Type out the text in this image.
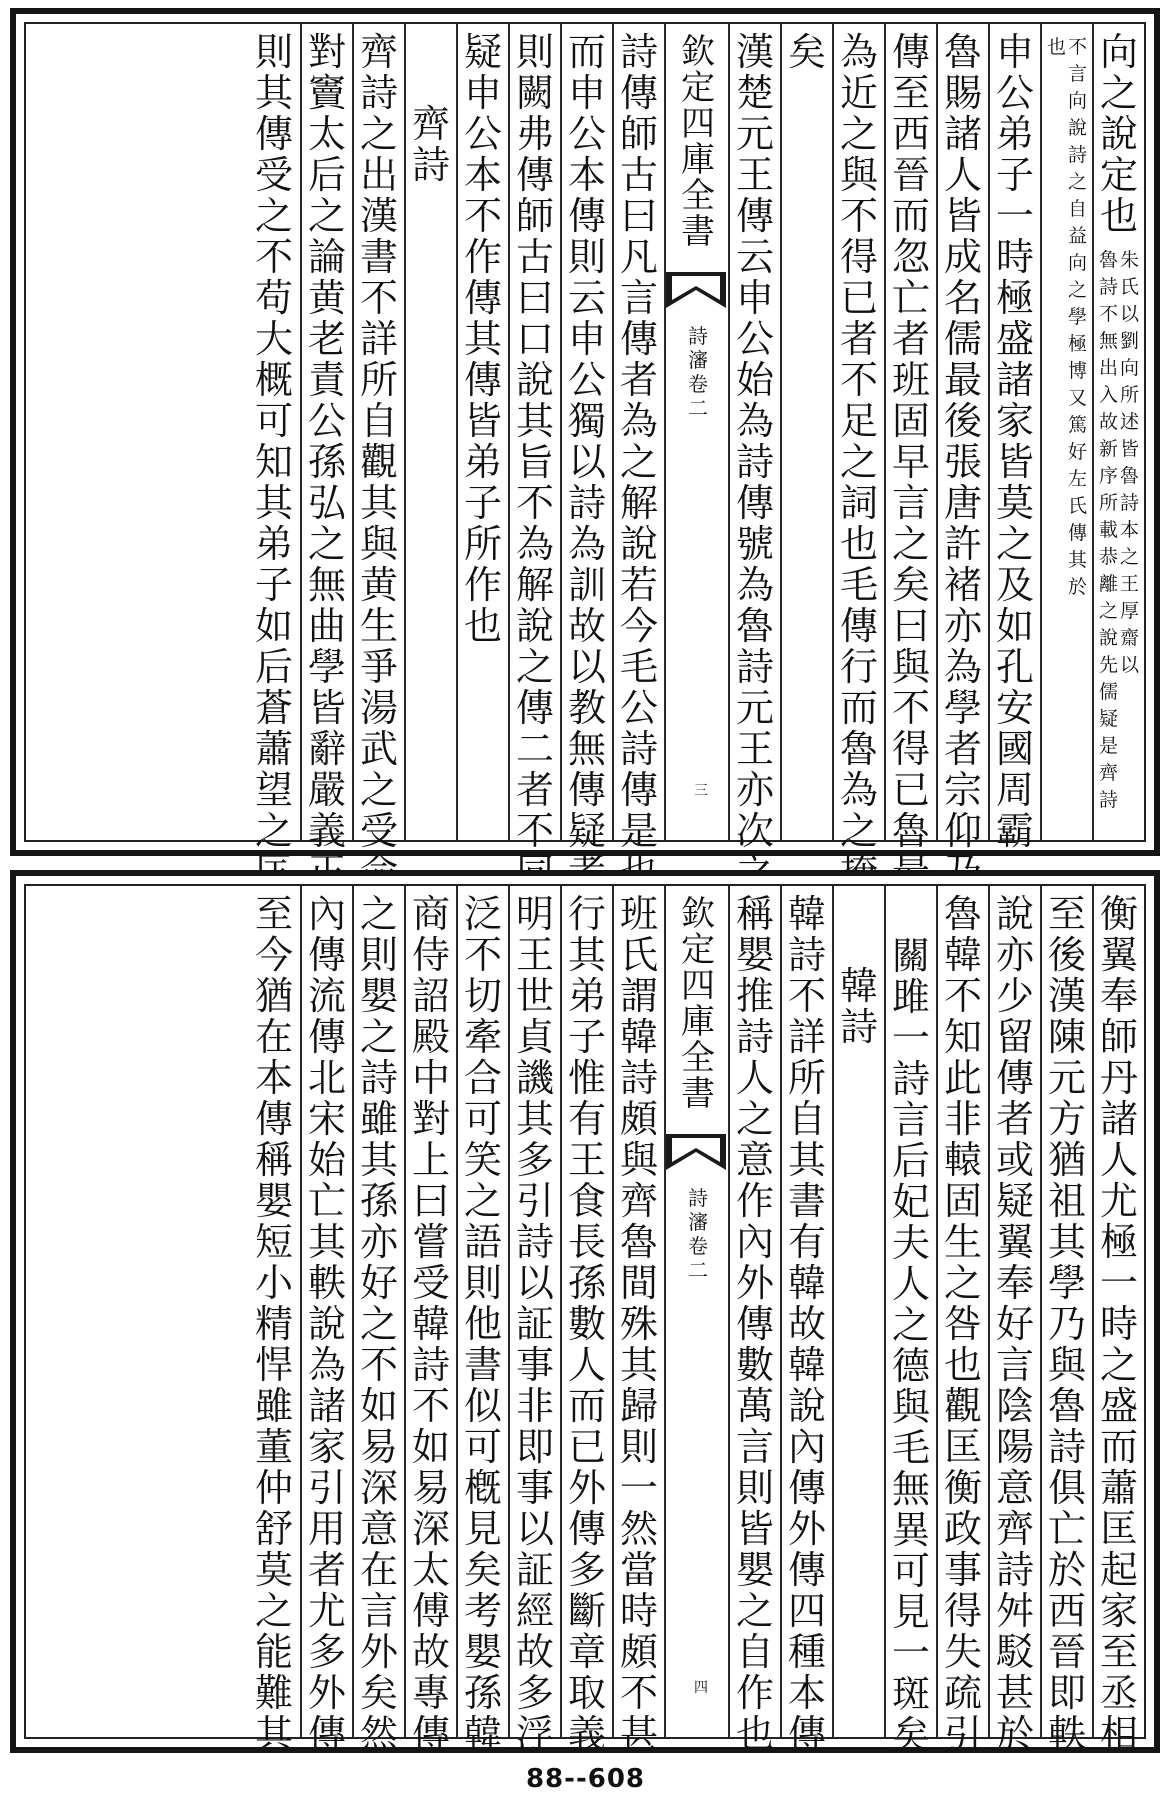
向
之
說
定
也
朱
氏
以
劉
向
所
述
皆
魯
詩
本
之
王
厚
齋
以
魯
詩
不
無
出
入
故
新
序
所
載
恭
離
之
說
先
儒
疑
是
齊
詩
不
言
向
說
詩
之
自
益
向
之
學
極
博
又
篤
好
左
氏
傳
其
於
也
申
公
弟
子
一
時
極
盛
諸
家
皆
莫
之
及
如
孔
安
國
周
霸
魯
賜
諸
人
皆
成
名
儒
最
後
張
唐
許
褚
亦
為
學
者
宗
仰
傳
至
西
晉
而
忽
亡
者
班
固
早
言
之
矣
曰
與
不
得
已
魯
為
近
之
與
不
得
已
者
不
足
之
詞
也
毛
傳
行
而
魯
為
之
矣
漢
楚
元
王
傳
云
申
公
始
為
詩
傳
號
為
魯
詩
元
王
亦
次
欽
定
四
庫
全
書
詩
瀋
卷
二
三
詩
傳
師
古
曰
凡
言
傳
者
為
之
解
說
若
今
毛
公
詩
傳
是
而
申
公
本
傳
則
云
申
公
獨
以
詩
為
訓
故
以
教
無
傳
疑
則
闕
弗
傳
師
古
曰
口
說
其
旨
不
為
解
說
之
傳
二
者
不
疑
申
公
本
不
作
傳
其
傳
皆
弟
子
所
作
也
齊
詩
齊
詩
之
出
漢
書
不
詳
所
自
觀
其
與
黄
生
爭
湯
武
之
受
對
竇
太
后
之
論
黄
老
責
公
孫
弘
之
無
曲
學
皆
辭
嚴
義
則
其
傳
受
之
不
苟
大
概
可
知
其
弟
子
如
后
蒼
蕭
望
之
衡
翼
奉
師
丹
諸
人
尤
極
一
時
之
盛
而
蕭
匡
起
家
至
丞
相
至
後
漢
陳
元
方
猶
祖
其
學
乃
與
魯
詩
俱
亡
於
西
晉
即
軼
說
亦
少
留
傳
者
或
疑
翼
奉
好
言
陰
陽
意
齊
詩
舛
駁
甚
於
魯
韓
不
知
此
非
轅
固
生
之
咎
也
觀
匡
衡
政
事
得
失
疏
引
關
雎
一
詩
言
后
妃
夫
人
之
德
與
毛
無
異
可
見
一
斑
矣
韓
詩
韓
詩
不
詳
所
自
其
書
有
韓
故
韓
說
內
傳
外
傳
四
種
本
傳
稱
嬰
推
詩
人
之
意
作
內
外
傳
數
萬
言
則
皆
嬰
之
自
作
也
欽
定
四
庫
全
書
詩
瀋
卷
二
四
班
氏
謂
韓
詩
頗
與
齊
魯
間
殊
其
歸
則
一
然
當
時
頗
不
甚
行
其
弟
子
惟
有
王
食
長
孫
數
人
而
已
外
傳
多
斷
章
取
義
明
王
世
貞
譏
其
多
引
詩
以
証
事
非
即
事
以
証
經
故
多
浮
泛
不
切
牽
合
可
笑
之
語
則
他
書
似
可
槪
見
矣
考
嬰
孫
韓
商
侍
詔
殿
中
對
上
曰
嘗
受
韓
詩
不
如
易
深
太
傅
故
專
傳
之
則
嬰
之
詩
雖
其
孫
亦
好
之
不
如
易
深
意
在
言
外
矣
然
內
傳
流
傳
北
宋
始
亡
其
軼
說
為
諸
家
引
用
者
尤
多
外
傳
至
今
猶
在
本
傳
稱
嬰
短
小
精
悍
雖
董
仲
舒
莫
之
能
難
其
88--608
